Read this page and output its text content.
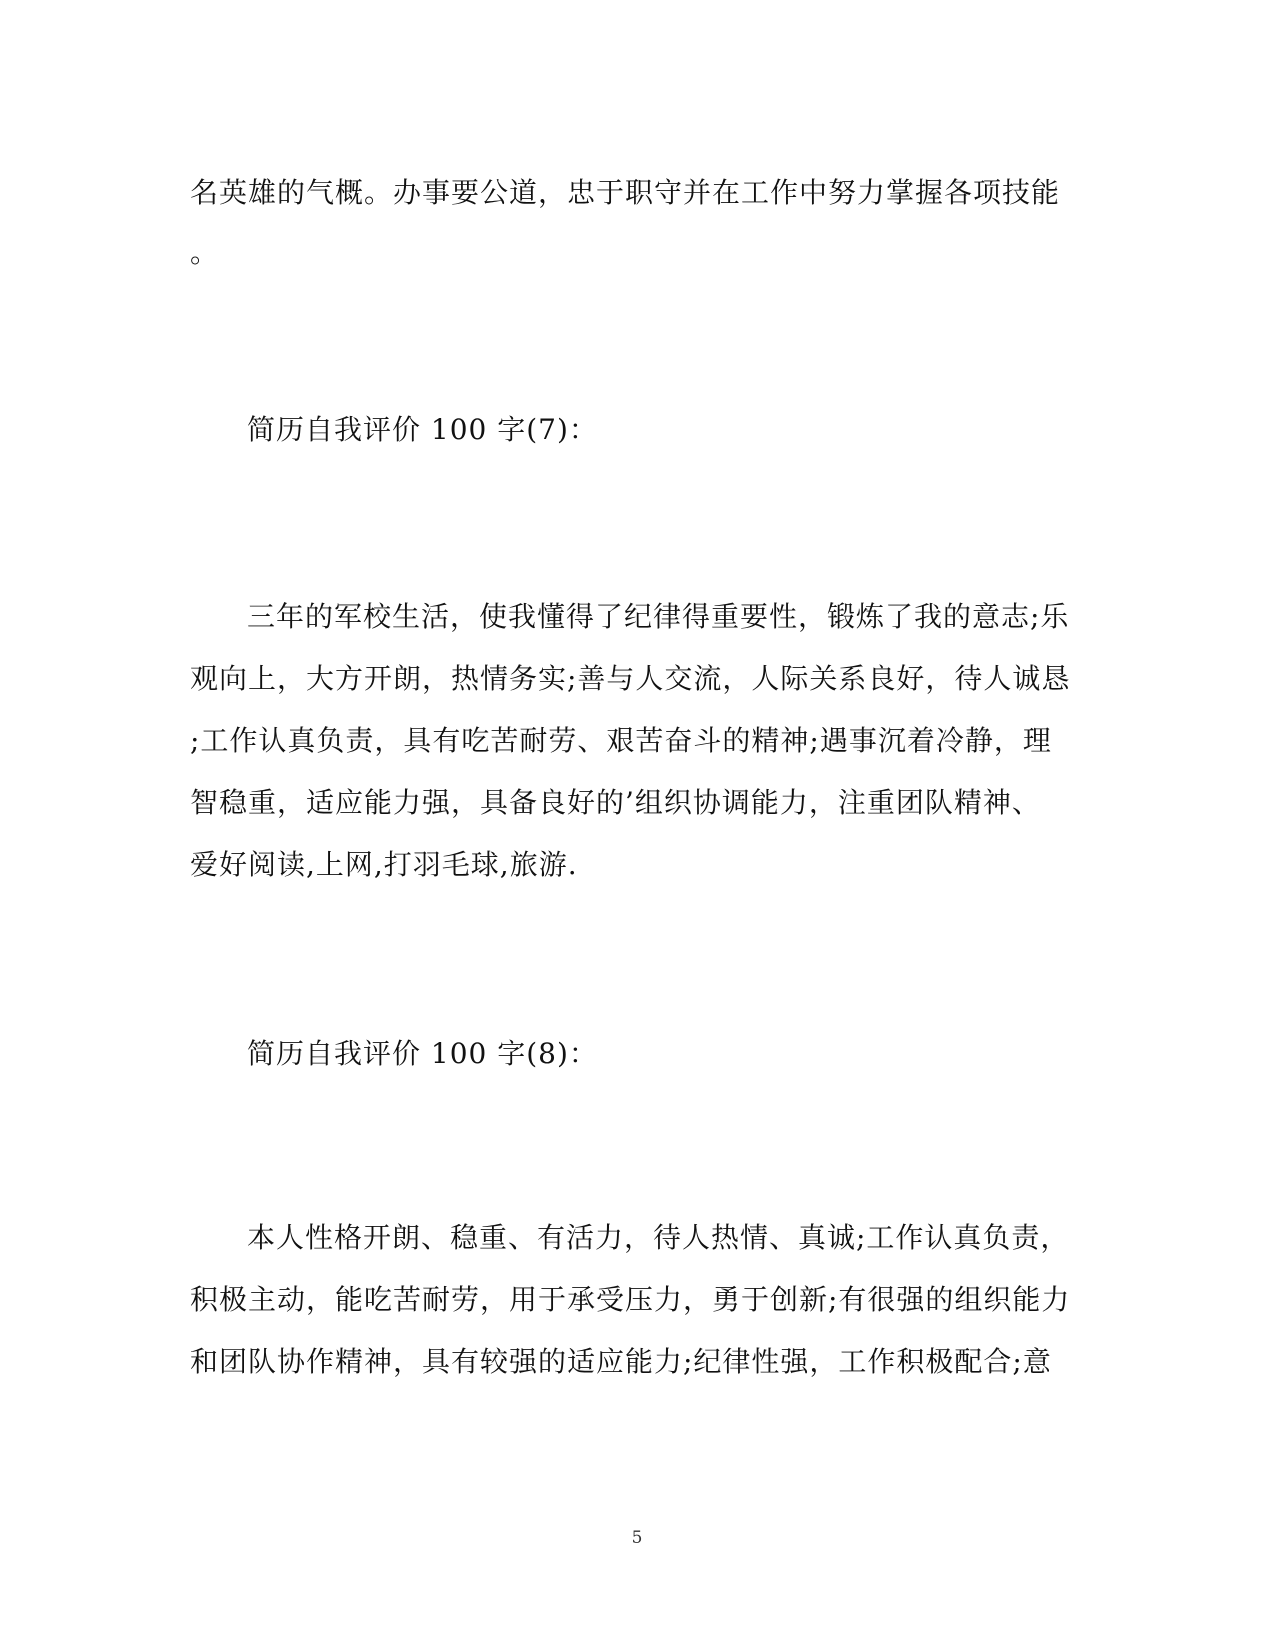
名英雄的气概。办事要公道，忠于职守并在工作中努力掌握各项技能
。
简历自我评价 100 字(7)：
三年的军校生活，使我懂得了纪律得重要性，锻炼了我的意志;乐
观向上，大方开朗，热情务实;善与人交流，人际关系良好，待人诚恳
;工作认真负责，具有吃苦耐劳、艰苦奋斗的精神;遇事沉着冷静，理
智稳重，适应能力强，具备良好的’组织协调能力，注重团队精神、
爱好阅读,上网,打羽毛球,旅游.
简历自我评价 100 字(8)：
本人性格开朗、稳重、有活力，待人热情、真诚;工作认真负责，
积极主动，能吃苦耐劳，用于承受压力，勇于创新;有很强的组织能力
和团队协作精神，具有较强的适应能力;纪律性强，工作积极配合;意
5
